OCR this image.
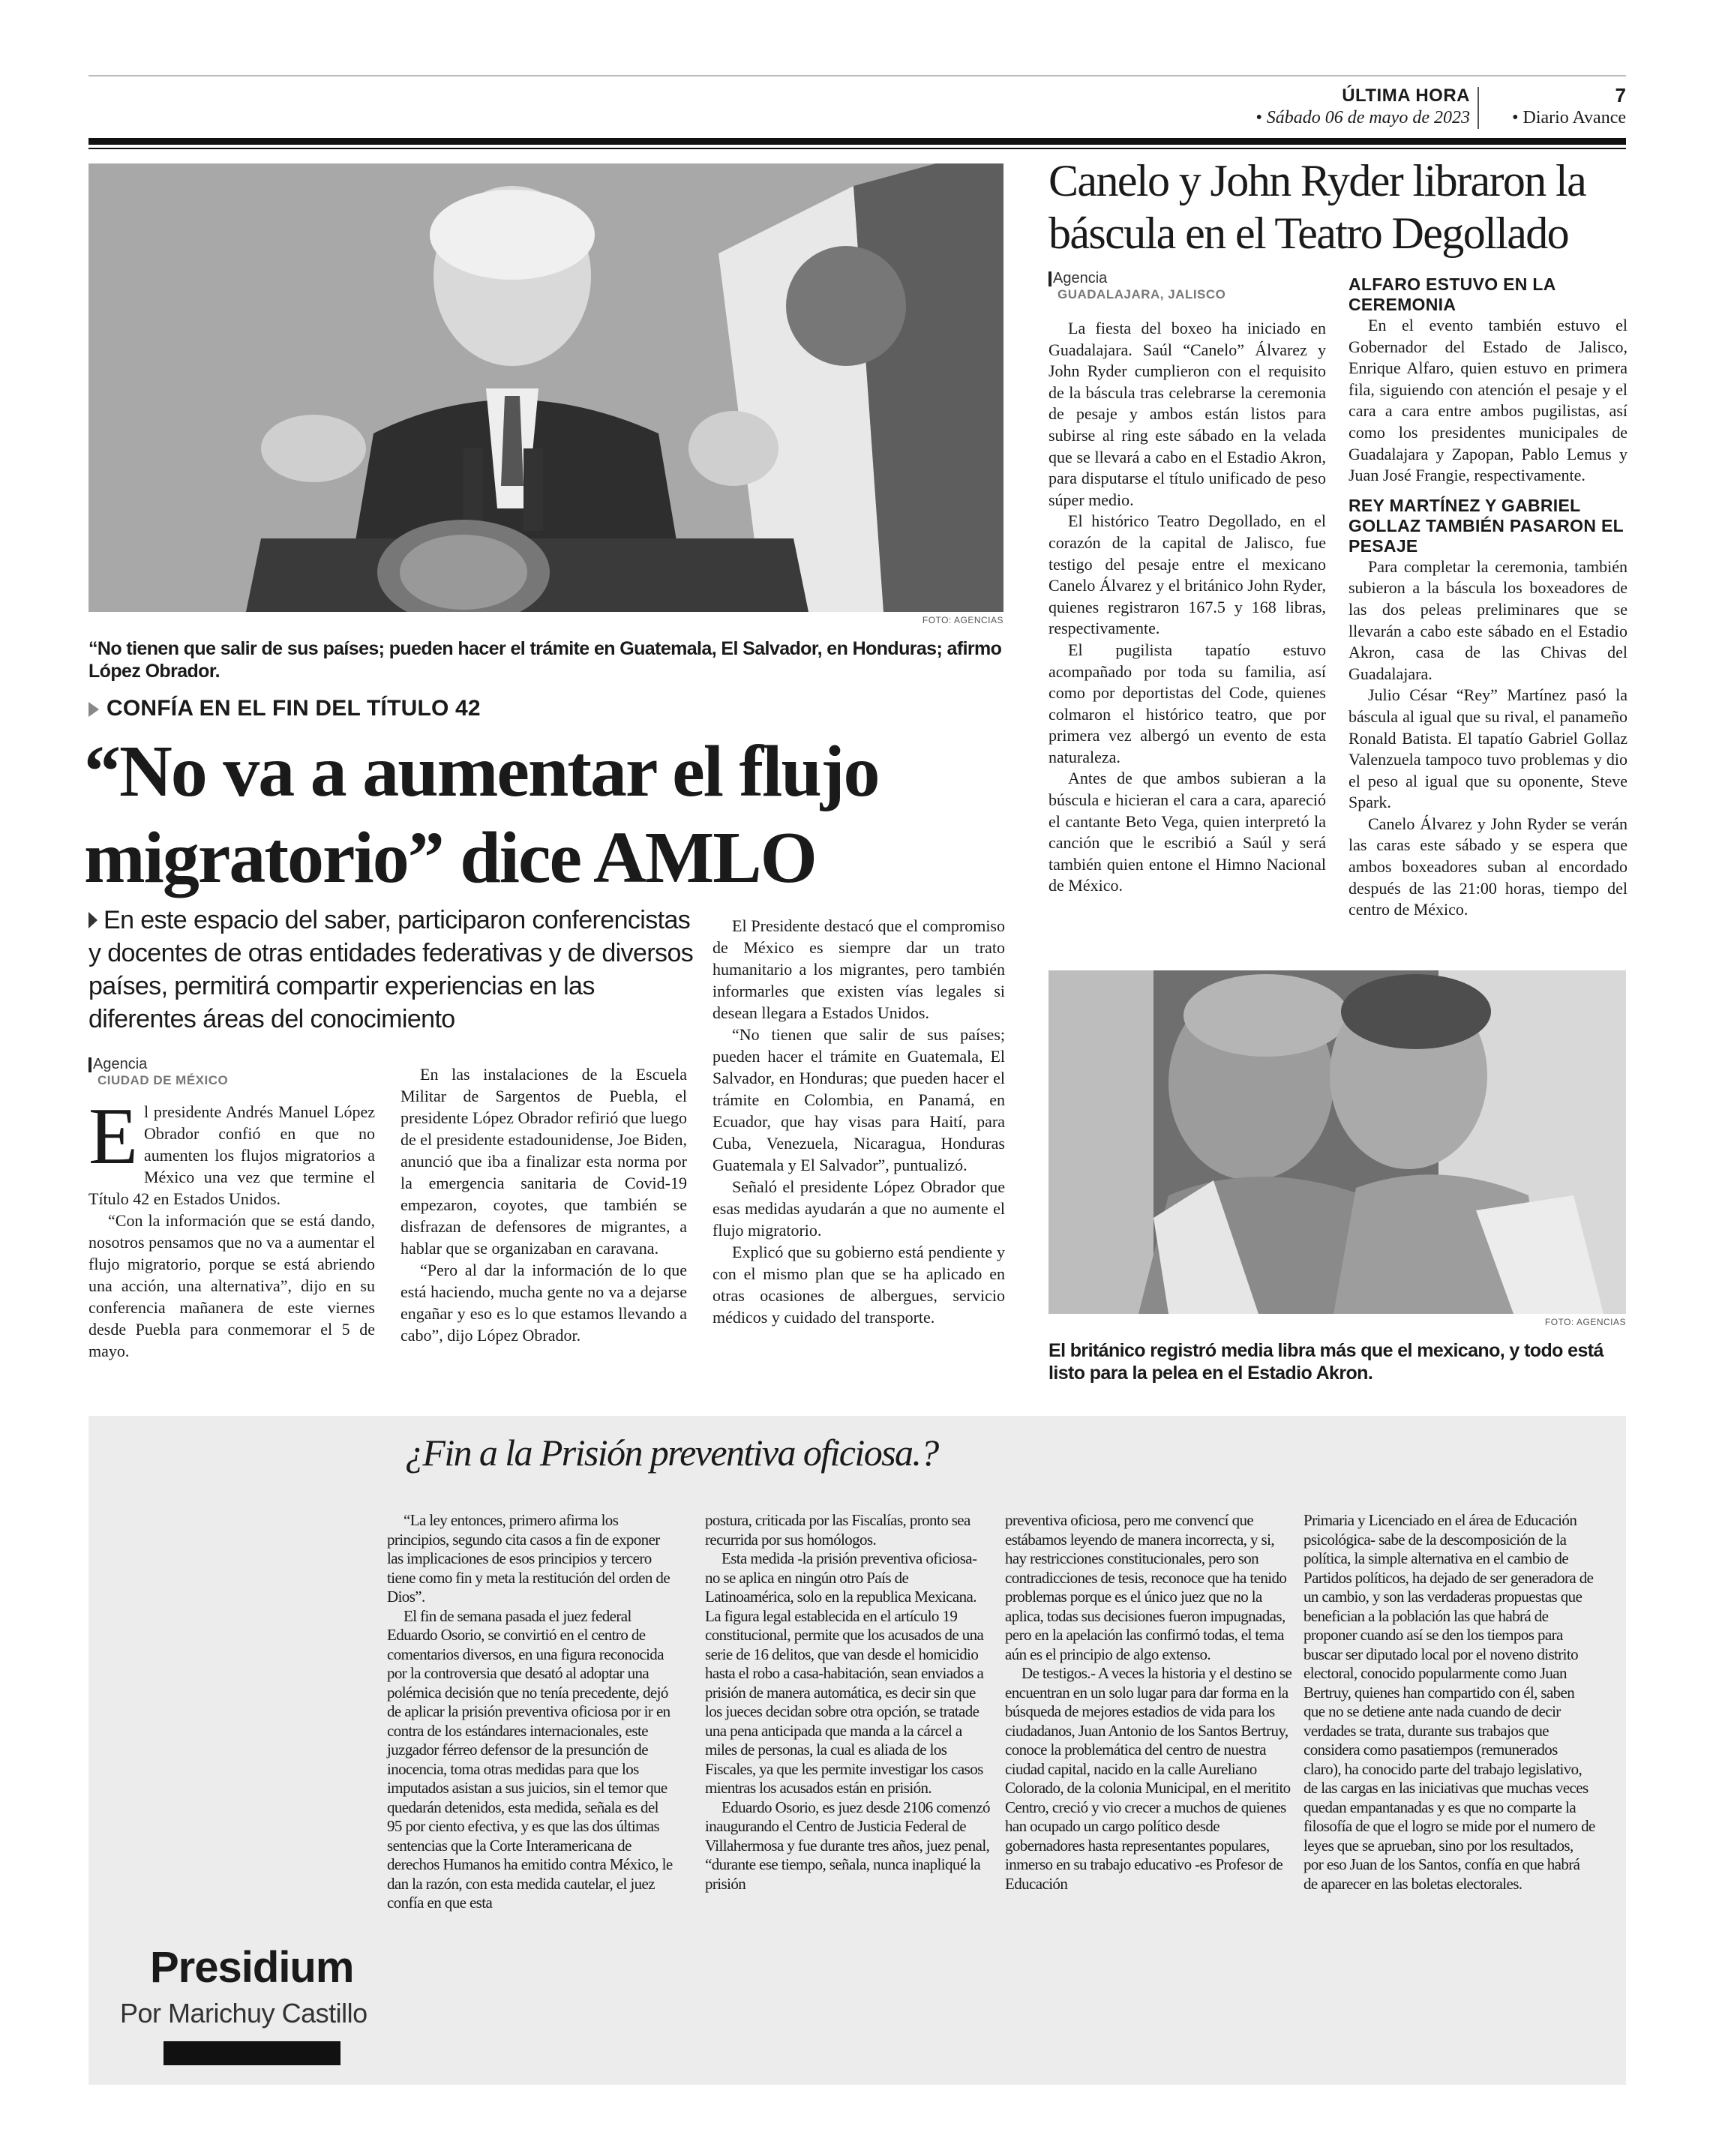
ÚLTIMA HORA
• Sábado 06 de mayo de 2023
7
• Diario Avance
FOTO: AGENCIAS
“No tienen que salir de sus países; pueden hacer el trámite en Guatemala, El Salvador, en Honduras; afirmo López Obrador.
CONFÍA EN EL FIN DEL TÍTULO 42
“No va a aumentar el flujo
migratorio” dice AMLO
En este espacio del saber, participaron conferencistas y docentes de otras entidades federativas y de diversos países, permitirá compartir experiencias en las diferentes áreas del conocimiento
Agencia
CIUDAD DE MÉXICO

El presidente Andrés Manuel López Obrador confió en que no aumenten los flujos migratorios a México una vez que termine el Título 42 en Estados Unidos.

“Con la información que se está dando, nosotros pensamos que no va a aumentar el flujo migratorio, porque se está abriendo una acción, una alternativa”, dijo en su conferencia mañanera de este viernes desde Puebla para conmemorar el 5 de mayo.

En las instalaciones de la Escuela Militar de Sargentos de Puebla, el presidente López Obrador refirió que luego de el presidente estadounidense, Joe Biden, anunció que iba a finalizar esta norma por la emergencia sanitaria de Covid-19 empezaron, coyotes, que también se disfrazan de defensores de migrantes, a hablar que se organizaban en caravana.

“Pero al dar la información de lo que está haciendo, mucha gente no va a dejarse engañar y eso es lo que estamos llevando a cabo”, dijo López Obrador.

El Presidente destacó que el compromiso de México es siempre dar un trato humanitario a los migrantes, pero también informarles que existen vías legales si desean llegara a Estados Unidos.

“No tienen que salir de sus países; pueden hacer el trámite en Guatemala, El Salvador, en Honduras; que pueden hacer el trámite en Colombia, en Panamá, en Ecuador, que hay visas para Haití, para Cuba, Venezuela, Nicaragua, Honduras Guatemala y El Salvador”, puntualizó.

Señaló el presidente López Obrador que esas medidas ayudarán a que no aumente el flujo migratorio.

Explicó que su gobierno está pendiente y con el mismo plan que se ha aplicado en otras ocasiones de albergues, servicio médicos y cuidado del transporte.

Canelo y John Ryder libraron la
báscula en el Teatro Degollado
Agencia
GUADALAJARA, JALISCO

La fiesta del boxeo ha iniciado en Guadalajara. Saúl “Canelo” Álvarez y John Ryder cumplieron con el requisito de la báscula tras celebrarse la ceremonia de pesaje y ambos están listos para subirse al ring este sábado en la velada que se llevará a cabo en el Estadio Akron, para disputarse el título unificado de peso súper medio.

El histórico Teatro Degollado, en el corazón de la capital de Jalisco, fue testigo del pesaje entre el mexicano Canelo Álvarez y el británico John Ryder, quienes registraron 167.5 y 168 libras, respectivamente.

El pugilista tapatío estuvo acompañado por toda su familia, así como por deportistas del Code, quienes colmaron el histórico teatro, que por primera vez albergó un evento de esta naturaleza.

Antes de que ambos subieran a la búscula e hicieran el cara a cara, apareció el cantante Beto Vega, quien interpretó la canción que le escribió a Saúl y será también quien entone el Himno Nacional de México.

ALFARO ESTUVO EN LA CEREMONIA

En el evento también estuvo el Gobernador del Estado de Jalisco, Enrique Alfaro, quien estuvo en primera fila, siguiendo con atención el pesaje y el cara a cara entre ambos pugilistas, así como los presidentes municipales de Guadalajara y Zapopan, Pablo Lemus y Juan José Frangie, respectivamente.

REY MARTÍNEZ Y GABRIEL GOLLAZ TAMBIÉN PASARON EL PESAJE

Para completar la ceremonia, también subieron a la báscula los boxeadores de las dos peleas preliminares que se llevarán a cabo este sábado en el Estadio Akron, casa de las Chivas del Guadalajara.

Julio César “Rey” Martínez pasó la báscula al igual que su rival, el panameño Ronald Batista. El tapatío Gabriel Gollaz Valenzuela tampoco tuvo problemas y dio el peso al igual que su oponente, Steve Spark.

Canelo Álvarez y John Ryder se verán las caras este sábado y se espera que ambos boxeadores suban al encordado después de las 21:00 horas, tiempo del centro de México.

FOTO: AGENCIAS
El británico registró media libra más que el mexicano, y todo está listo para la pelea en el Estadio Akron.
¿Fin a la Prisión preventiva oficiosa.?

“La ley entonces, primero afirma los principios, segundo cita casos a fin de exponer las implicaciones de esos principios y tercero tiene como fin y meta la restitución del orden de Dios”.

El fin de semana pasada el juez federal Eduardo Osorio, se convirtió en el centro de comentarios diversos, en una figura reconocida por la controversia que desató al adoptar una polémica decisión que no tenía precedente, dejó de aplicar la prisión preventiva oficiosa por ir en contra de los estándares internacionales, este juzgador férreo defensor de la presunción de inocencia, toma otras medidas para que los imputados asistan a sus juicios, sin el temor que quedarán detenidos, esta medida, señala es del 95 por ciento efectiva, y es que las dos últimas sentencias que la Corte Interamericana de derechos Humanos ha emitido contra México, le dan la razón, con esta medida cautelar, el juez confía en que esta

postura, criticada por las Fiscalías, pronto sea recurrida por sus homólogos.

Esta medida -la prisión preventiva oficiosa- no se aplica en ningún otro País de Latinoamérica, solo en la republica Mexicana. La figura legal establecida en el artículo 19 constitucional, permite que los acusados de una serie de 16 delitos, que van desde el homicidio hasta el robo a casa-habitación, sean enviados a prisión de manera automática, es decir sin que los jueces decidan sobre otra opción, se tratade una pena anticipada que manda a la cárcel a miles de personas, la cual es aliada de los Fiscales, ya que les permite investigar los casos mientras los acusados están en prisión.

Eduardo Osorio, es juez desde 2106 comenzó inaugurando el Centro de Justicia Federal de Villahermosa y fue durante tres años, juez penal, “durante ese tiempo, señala, nunca inapliqué la prisión

preventiva oficiosa, pero me convencí que estábamos leyendo de manera incorrecta, y si, hay restricciones constitucionales, pero son contradicciones de tesis, reconoce que ha tenido problemas porque es el único juez que no la aplica, todas sus decisiones fueron impugnadas, pero en la apelación las confirmó todas, el tema aún es el principio de algo extenso.

De testigos.- A veces la historia y el destino se encuentran en un solo lugar para dar forma en la búsqueda de mejores estadios de vida para los ciudadanos, Juan Antonio de los Santos Bertruy, conoce la problemática del centro de nuestra ciudad capital, nacido en la calle Aureliano Colorado, de la colonia Municipal, en el meritito Centro, creció y vio crecer a muchos de quienes han ocupado un cargo político desde gobernadores hasta representantes populares, inmerso en su trabajo educativo -es Profesor de Educación

Primaria y Licenciado en el área de Educación psicológica- sabe de la descomposición de la política, la simple alternativa en el cambio de Partidos políticos, ha dejado de ser generadora de un cambio, y son las verdaderas propuestas que benefician a la población las que habrá de proponer cuando así se den los tiempos para buscar ser diputado local por el noveno distrito electoral, conocido popularmente como Juan Bertruy, quienes han compartido con él, saben que no se detiene ante nada cuando de decir verdades se trata, durante sus trabajos que considera como pasatiempos (remunerados claro), ha conocido parte del trabajo legislativo, de las cargas en las iniciativas que muchas veces quedan empantanadas y es que no comparte la filosofía de que el logro se mide por el numero de leyes que se aprueban, sino por los resultados, por eso Juan de los Santos, confía en que habrá de aparecer en las boletas electorales.

Presidium
Por Marichuy Castillo
